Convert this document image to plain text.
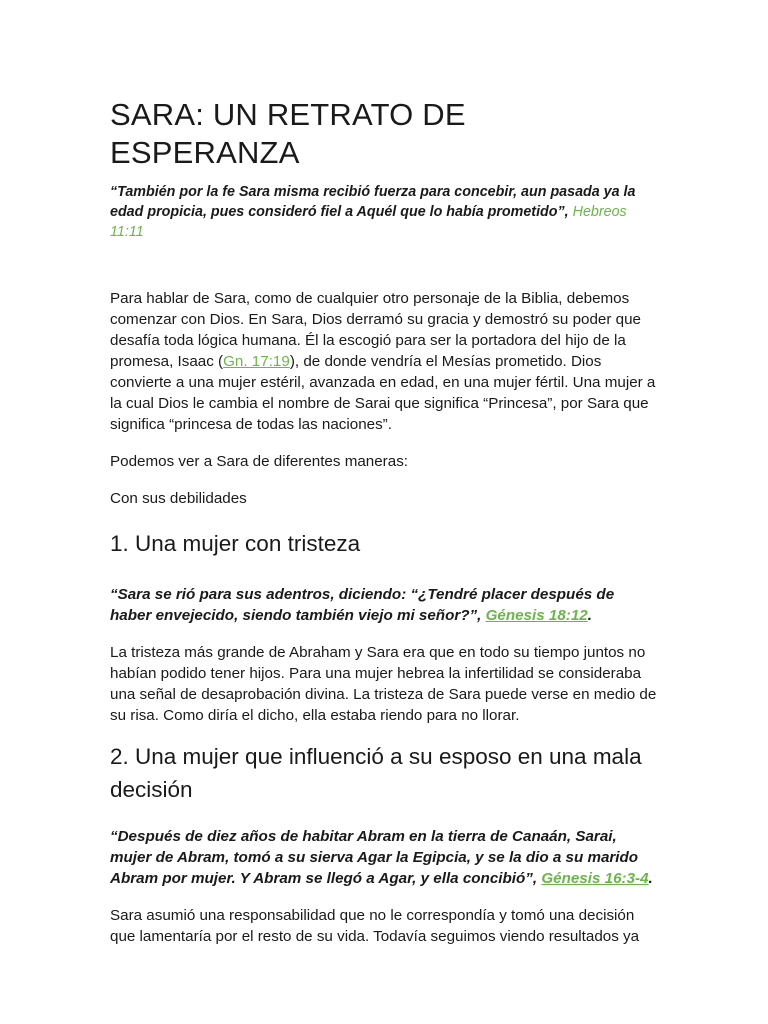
SARA: UN RETRATO DE ESPERANZA

“También por la fe Sara misma recibió fuerza para concebir, aun pasada ya la edad propicia, pues consideró fiel a Aquél que lo había prometido”, Hebreos 11:11

Para hablar de Sara, como de cualquier otro personaje de la Biblia, debemos comenzar con Dios. En Sara, Dios derramó su gracia y demostró su poder que desafía toda lógica humana. Él la escogió para ser la portadora del hijo de la promesa, Isaac (Gn. 17:19), de donde vendría el Mesías prometido. Dios convierte a una mujer estéril, avanzada en edad, en una mujer fértil. Una mujer a la cual Dios le cambia el nombre de Sarai que significa “Princesa”, por Sara que significa “princesa de todas las naciones”.

Podemos ver a Sara de diferentes maneras:

Con sus debilidades

1. Una mujer con tristeza

“Sara se rió para sus adentros, diciendo: “¿Tendré placer después de haber envejecido, siendo también viejo mi señor?”, Génesis 18:12.

La tristeza más grande de Abraham y Sara era que en todo su tiempo juntos no habían podido tener hijos. Para una mujer hebrea la infertilidad se consideraba una señal de desaprobación divina. La tristeza de Sara puede verse en medio de su risa. Como diría el dicho, ella estaba riendo para no llorar.

2. Una mujer que influenció a su esposo en una mala decisión

“Después de diez años de habitar Abram en la tierra de Canaán, Sarai, mujer de Abram, tomó a su sierva Agar la Egipcia, y se la dio a su marido Abram por mujer. Y Abram se llegó a Agar, y ella concibió”, Génesis 16:3-4.

Sara asumió una responsabilidad que no le correspondía y tomó una decisión que lamentaría por el resto de su vida. Todavía seguimos viendo resultados ya
